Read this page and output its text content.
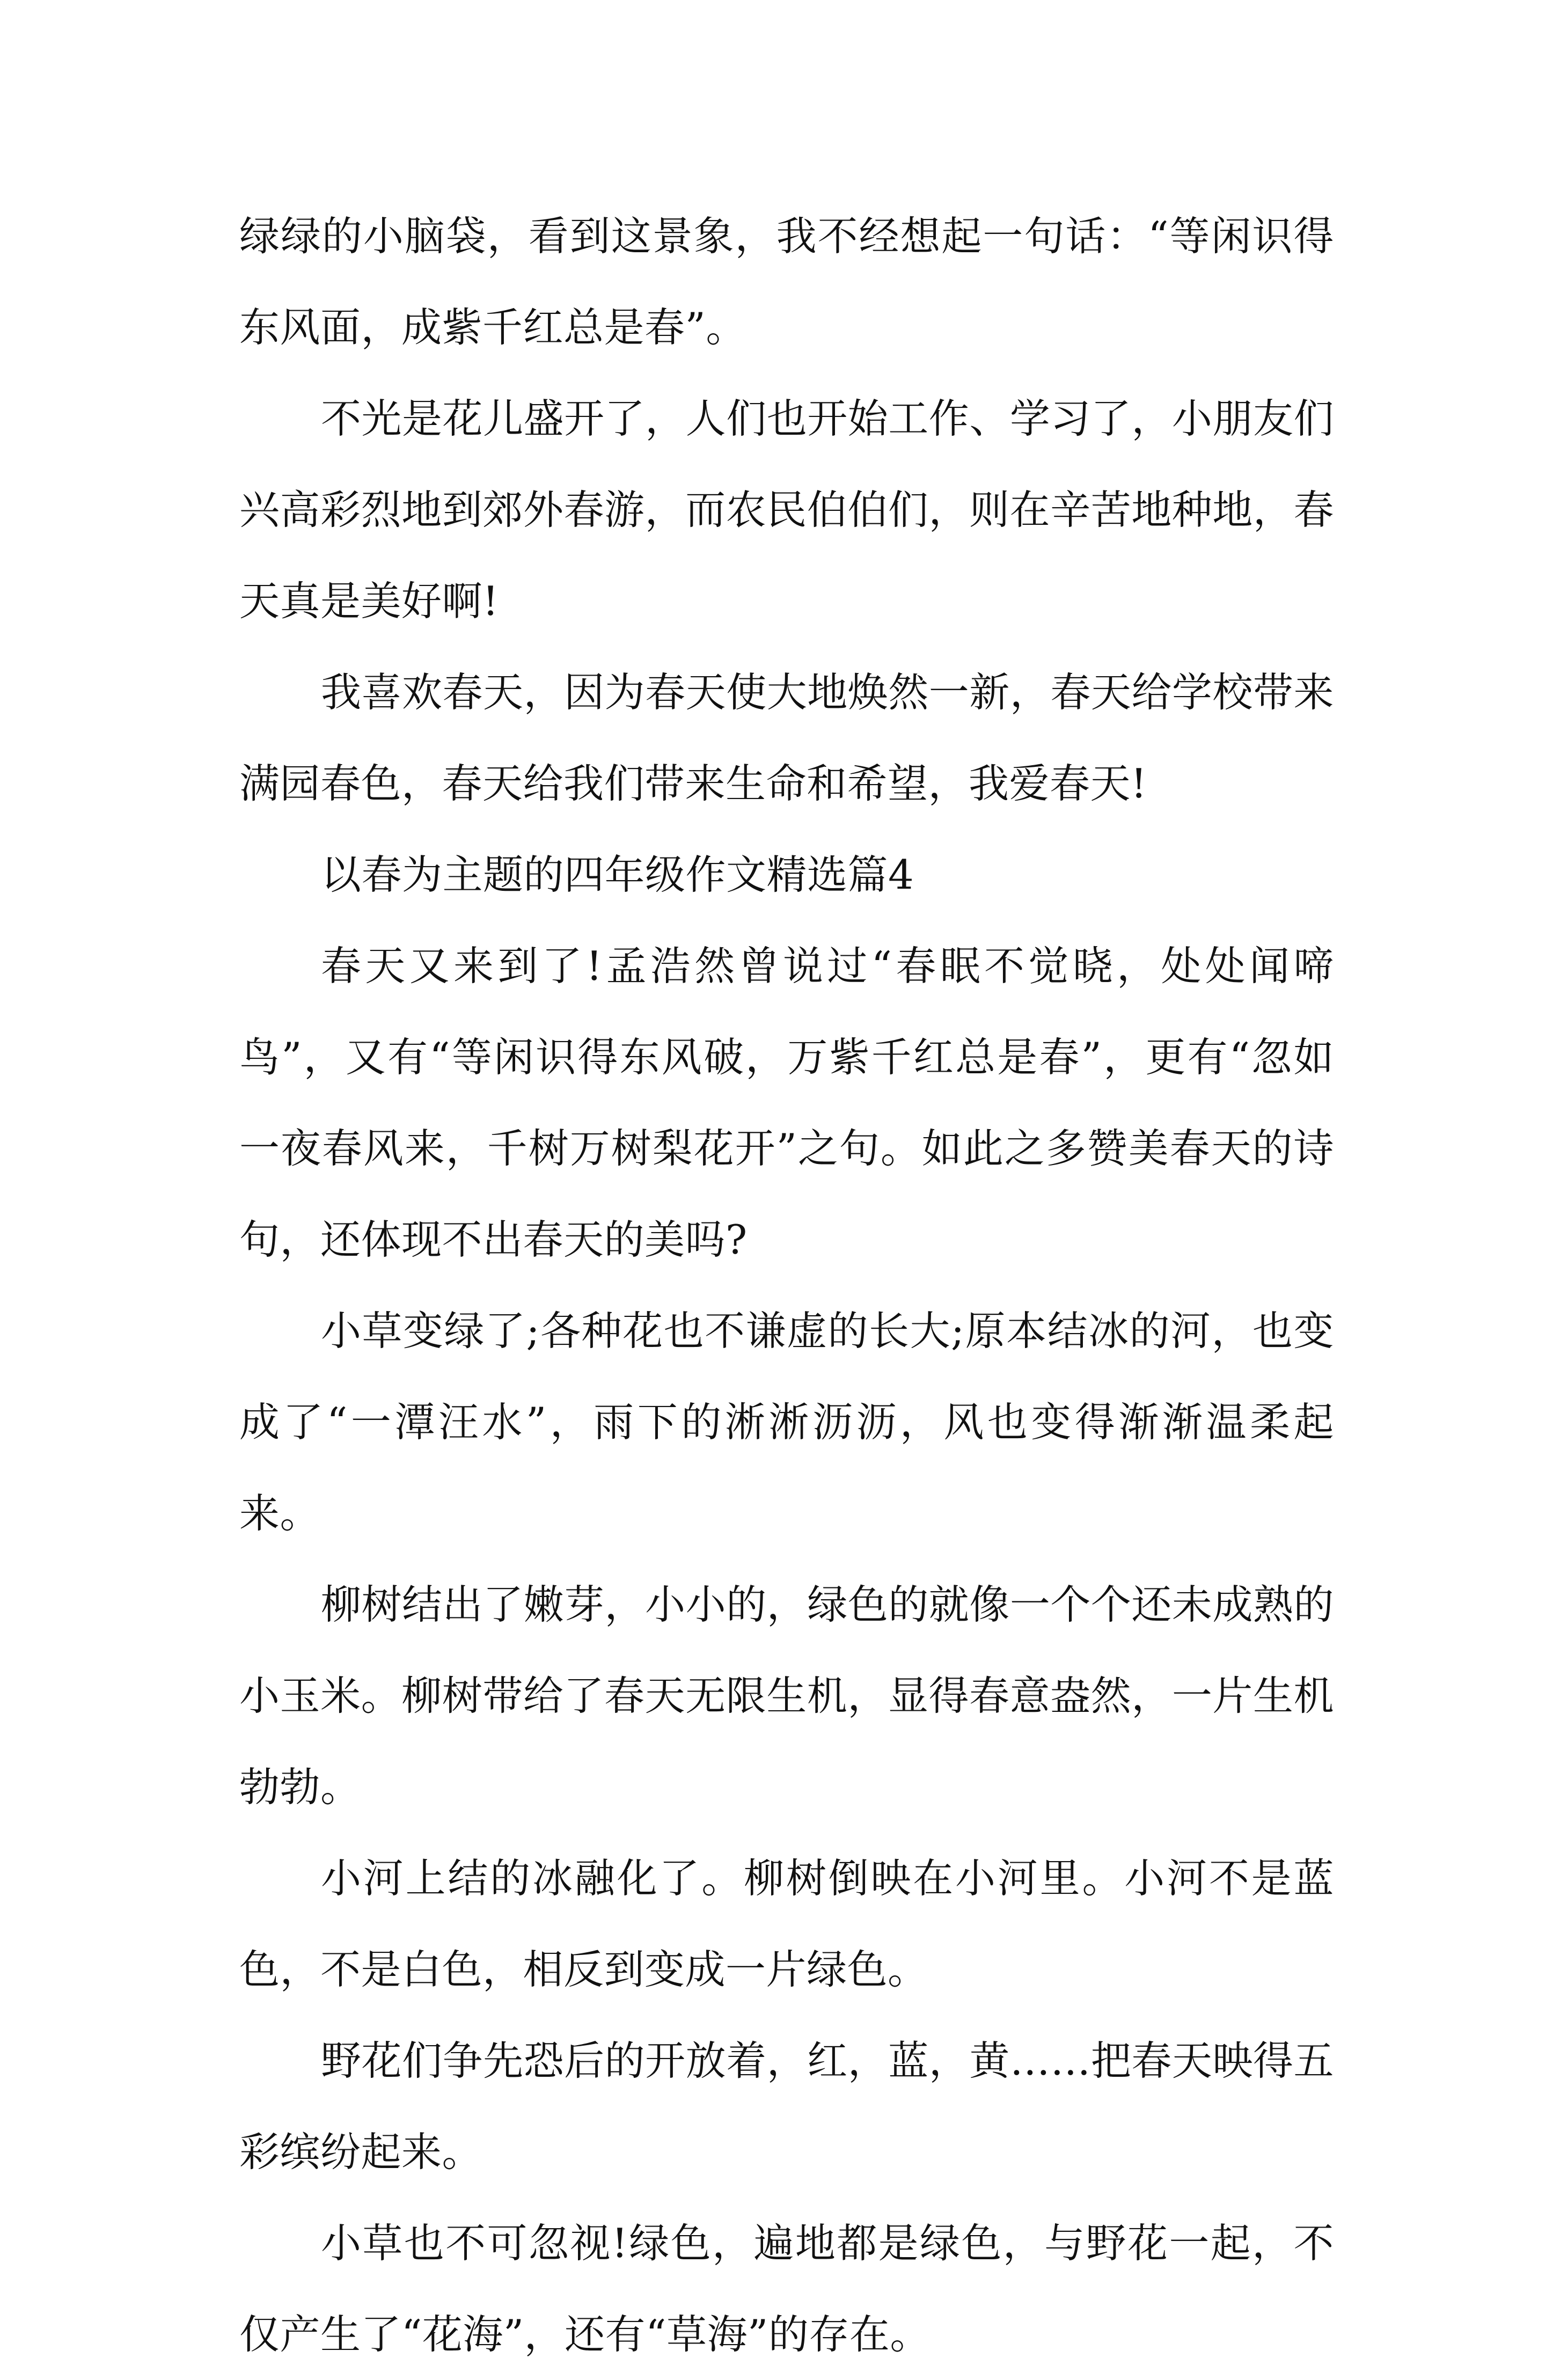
绿绿的小脑袋，看到这景象，我不经想起一句话：“等闲识得东风面，成紫千红总是春”。

不光是花儿盛开了，人们也开始工作、学习了，小朋友们兴高彩烈地到郊外春游，而农民伯伯们，则在辛苦地种地，春天真是美好啊!

我喜欢春天，因为春天使大地焕然一新，春天给学校带来满园春色，春天给我们带来生命和希望，我爱春天!

以春为主题的四年级作文精选篇4

春天又来到了!孟浩然曾说过“春眠不觉晓，处处闻啼鸟”，又有“等闲识得东风破，万紫千红总是春”，更有“忽如一夜春风来，千树万树梨花开”之句。如此之多赞美春天的诗句，还体现不出春天的美吗?

小草变绿了;各种花也不谦虚的长大;原本结冰的河，也变成了“一潭汪水”，雨下的淅淅沥沥，风也变得渐渐温柔起来。

柳树结出了嫩芽，小小的，绿色的就像一个个还未成熟的小玉米。柳树带给了春天无限生机，显得春意盎然，一片生机勃勃。

小河上结的冰融化了。柳树倒映在小河里。小河不是蓝色，不是白色，相反到变成一片绿色。

野花们争先恐后的开放着，红，蓝，黄……把春天映得五彩缤纷起来。

小草也不可忽视!绿色，遍地都是绿色，与野花一起，不仅产生了“花海”，还有“草海”的存在。
